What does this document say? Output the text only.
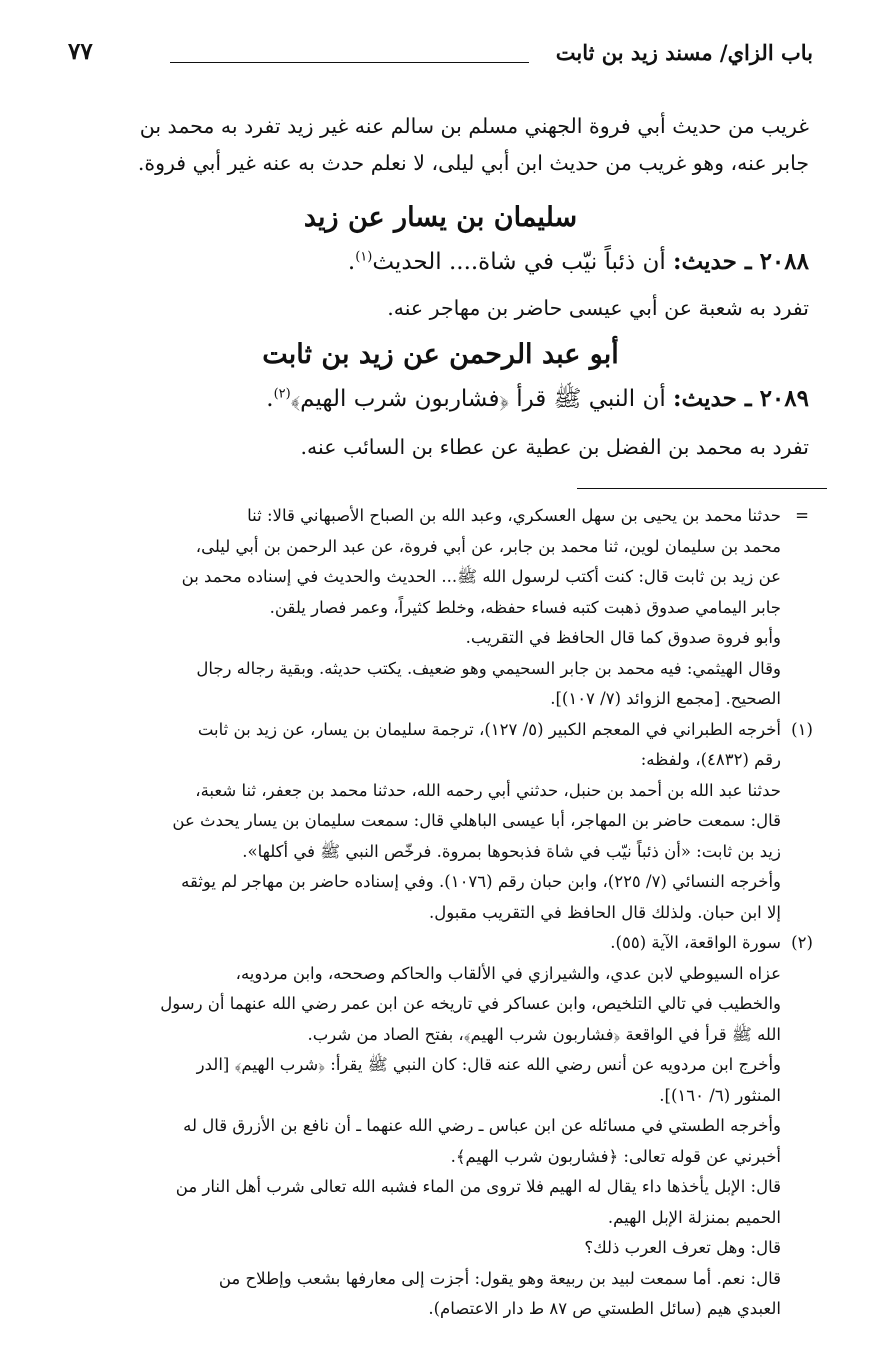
باب الزاي/ مسند زيد بن ثابت
٧٧

غريب من حديث أبي فروة الجهني مسلم بن سالم عنه غير زيد تفرد به محمد بن

جابر عنه، وهو غريب من حديث ابن أبي ليلى، لا نعلم حدث به عنه غير أبي فروة.

سليمان بن يسار عن زيد
٢٠٨٨ ـ حديث: أن ذئباً نيّب في شاة.... الحديث$^{(١)}$.

تفرد به شعبة عن أبي عيسى حاضر بن مهاجر عنه.

أبو عبد الرحمن عن زيد بن ثابت
٢٠٨٩ ـ حديث: أن النبي ﷺ قرأ ﴿فشاربون شرب الهيم﴾$^{(٢)}$.

تفرد به محمد بن الفضل بن عطية عن عطاء بن السائب عنه.

=

حدثنا محمد بن يحيى بن سهل العسكري، وعبد الله بن الصباح الأصبهاني قالا: ثنا

محمد بن سليمان لوين، ثنا محمد بن جابر، عن أبي فروة، عن عبد الرحمن بن أبي ليلى،

عن زيد بن ثابت قال: كنت أكتب لرسول الله ﷺ... الحديث والحديث في إسناده محمد بن

جابر اليمامي صدوق ذهبت كتبه فساء حفظه، وخلط كثيراً، وعمر فصار يلقن.

وأبو فروة صدوق كما قال الحافظ في التقريب.

وقال الهيثمي: فيه محمد بن جابر السحيمي وهو ضعيف. يكتب حديثه. وبقية رجاله رجال

الصحيح. [مجمع الزوائد (٧/ ١٠٧)].

(١)

أخرجه الطبراني في المعجم الكبير (٥/ ١٢٧)، ترجمة سليمان بن يسار، عن زيد بن ثابت

رقم (٤٨٣٢)، ولفظه:

حدثنا عبد الله بن أحمد بن حنبل، حدثني أبي رحمه الله، حدثنا محمد بن جعفر، ثنا شعبة،

قال: سمعت حاضر بن المهاجر، أبا عيسى الباهلي قال: سمعت سليمان بن يسار يحدث عن

زيد بن ثابت: «أن ذئباً نيّب في شاة فذبحوها بمروة. فرخّص النبي ﷺ في أكلها».

وأخرجه النسائي (٧/ ٢٢٥)، وابن حبان رقم (١٠٧٦). وفي إسناده حاضر بن مهاجر لم يوثقه

إلا ابن حبان. ولذلك قال الحافظ في التقريب مقبول.

(٢)

سورة الواقعة، الآية (٥٥).

عزاه السيوطي لابن عدي، والشيرازي في الألقاب والحاكم وصححه، وابن مردويه،

والخطيب في تالي التلخيص، وابن عساكر في تاريخه عن ابن عمر رضي الله عنهما أن رسول

الله ﷺ قرأ في الواقعة ﴿فشاربون شرب الهيم﴾، بفتح الصاد من شرب.

وأخرج ابن مردويه عن أنس رضي الله عنه قال: كان النبي ﷺ يقرأ: ﴿شرب الهيم﴾ [الدر

المنثور (٦/ ١٦٠)].

وأخرجه الطستي في مسائله عن ابن عباس ـ رضي الله عنهما ـ أن نافع بن الأزرق قال له

أخبرني عن قوله تعالى: ﴿فشاربون شرب الهيم﴾.

قال: الإبل يأخذها داء يقال له الهيم فلا تروى من الماء فشبه الله تعالى شرب أهل النار من

الحميم بمنزلة الإبل الهيم.

قال: وهل تعرف العرب ذلك؟

قال: نعم. أما سمعت لبيد بن ربيعة وهو يقول: أجزت إلى معارفها بشعب وإطلاح من

العبدي هيم (سائل الطستي ص ٨٧ ط دار الاعتصام).
